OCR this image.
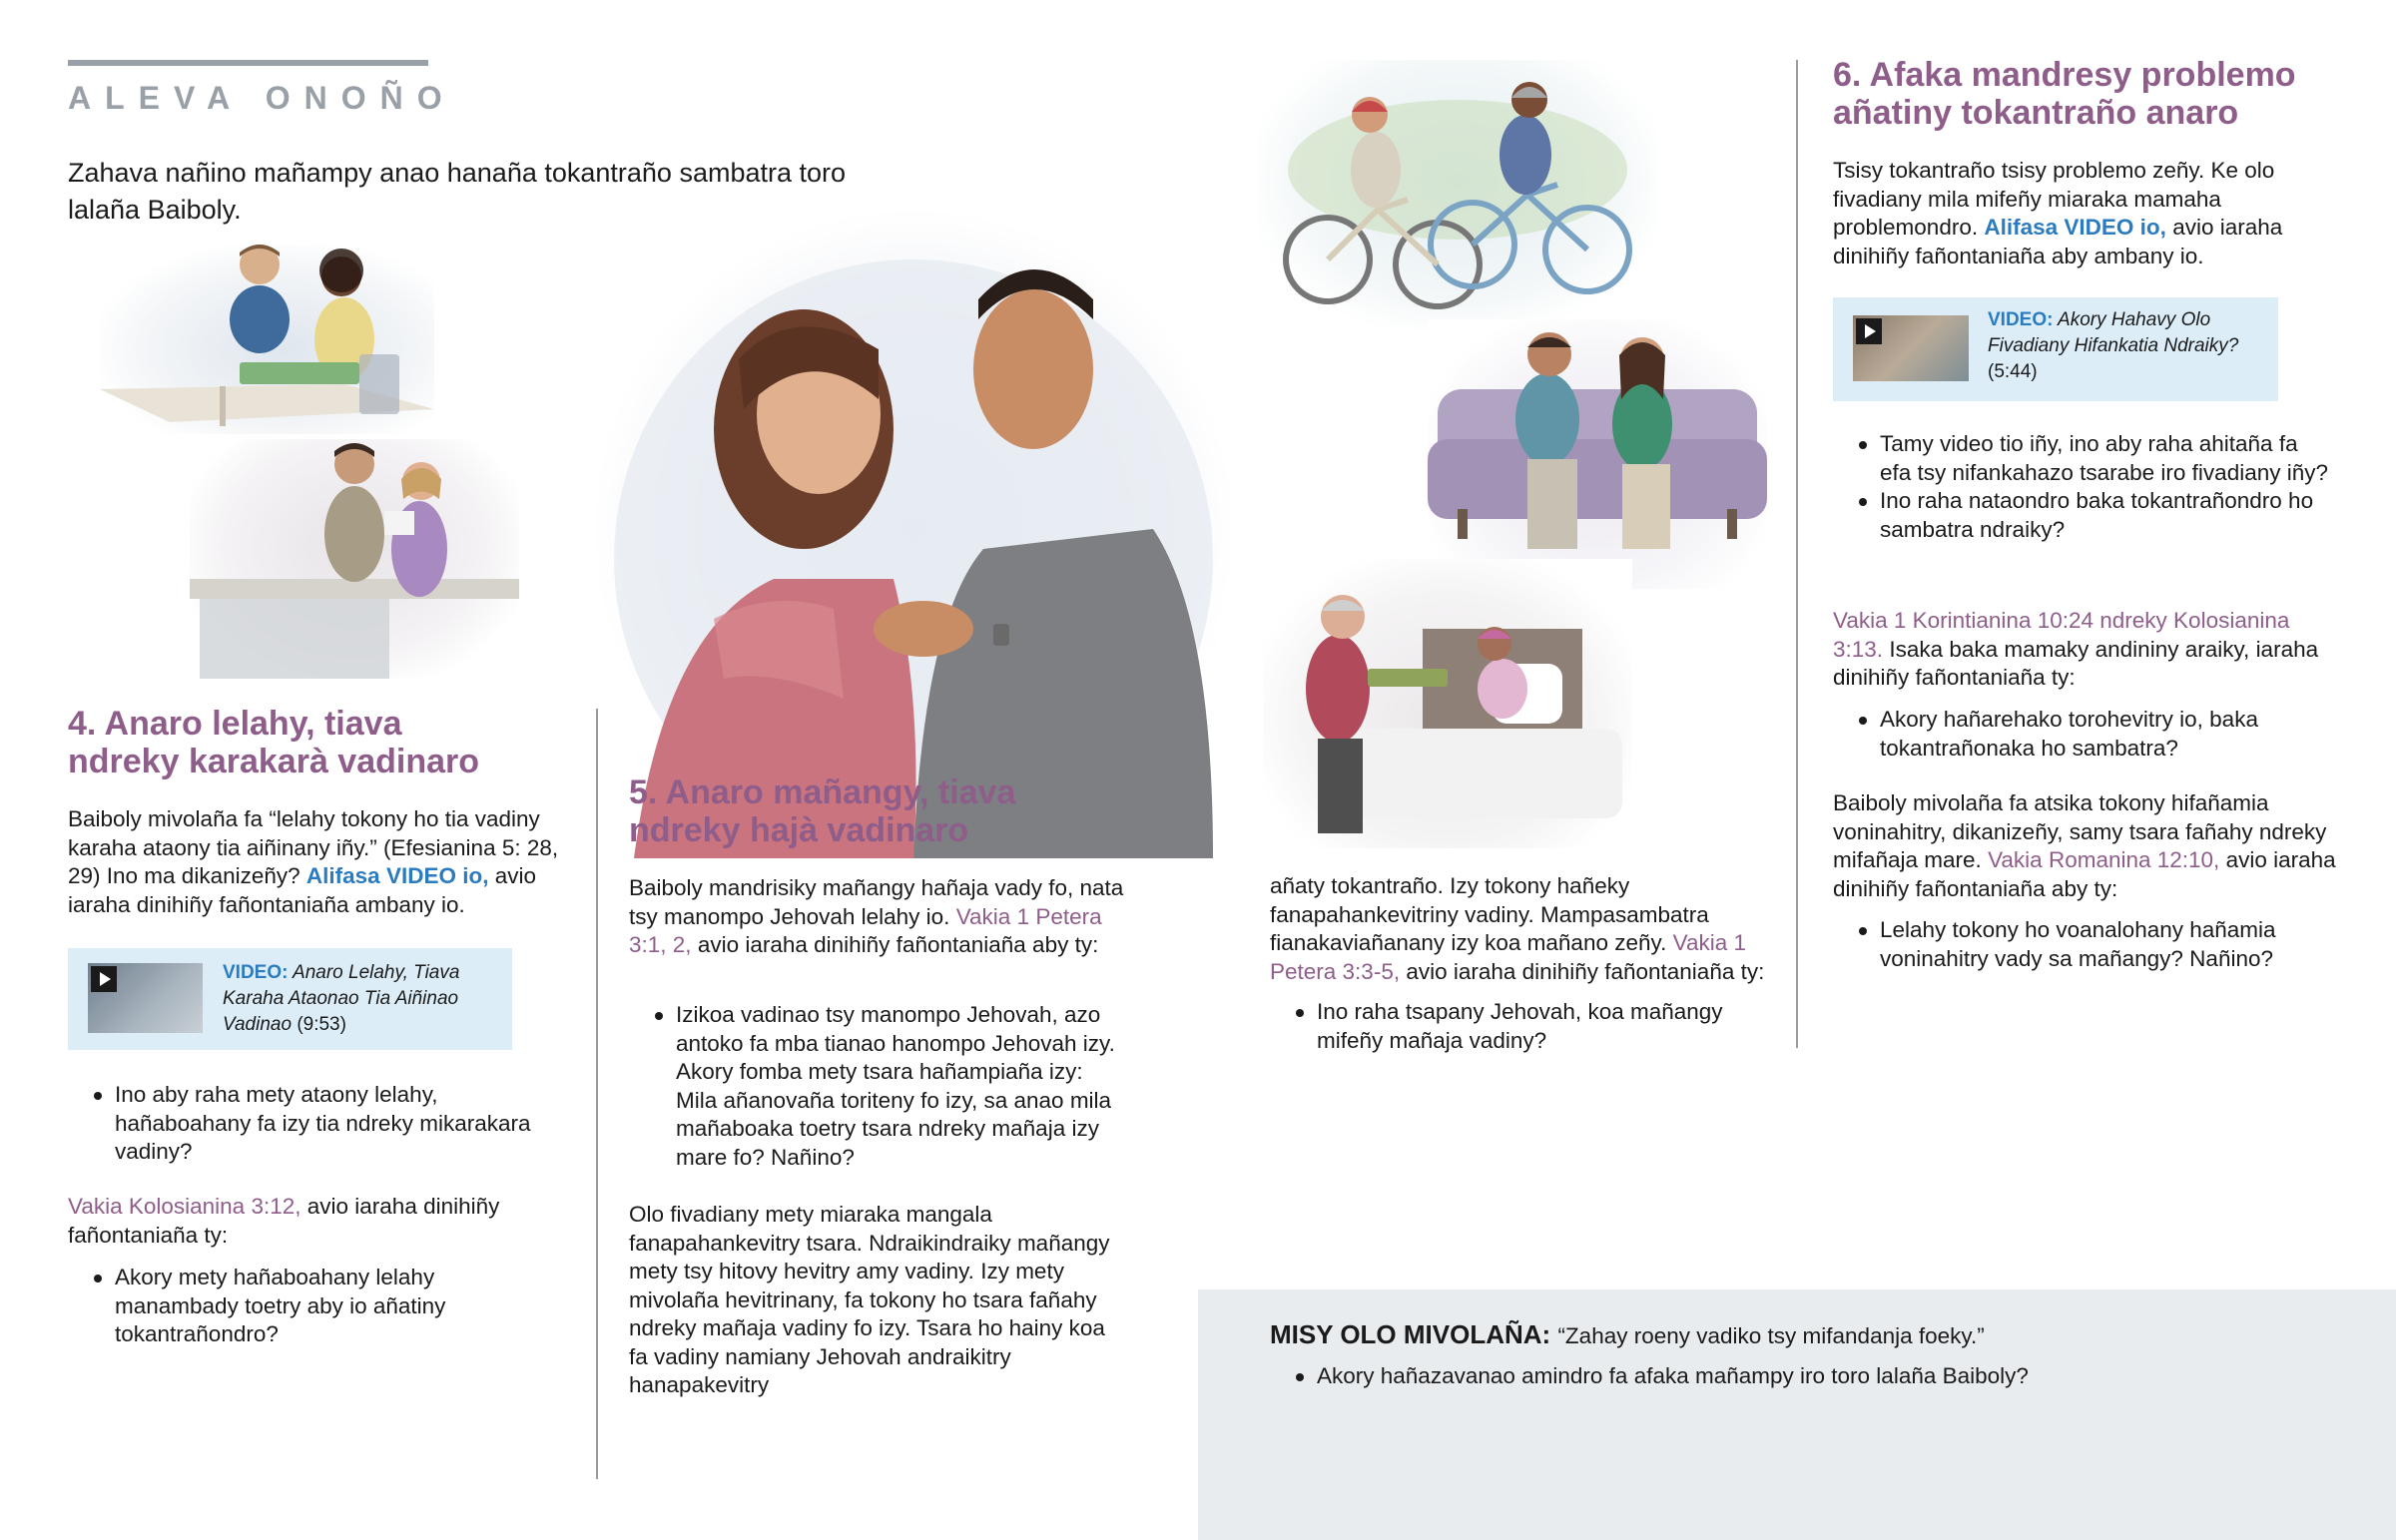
ALEVA ONOÑO
Zahava nañino mañampy anao hanaña tokantraño sambatra toro lalaña Baiboly.
4. Anaro lelahy, tiava
ndreky karakarà vadinaro
Baiboly mivolaña fa “lelahy tokony ho tia vadiny karaha ataony tia aiñinany iñy.” (Efesianina 5: 28, 29) Ino ma dikanizeñy? Alifasa VIDEO io, avio iaraha dinihiñy fañontaniaña ambany io.
VIDEO: Anaro Lelahy, Tiava Karaha Ataonao Tia Aiñinao Vadinao (9:53)
Ino aby raha mety ataony lelahy, hañaboahany fa izy tia ndreky mikarakara vadiny?
Vakia Kolosianina 3:12, avio iaraha dinihiñy fañontaniaña ty:
Akory mety hañaboahany lelahy manambady toetry aby io añatiny tokantrañondro?
5. Anaro mañangy, tiava
ndreky hajà vadinaro
Baiboly mandrisiky mañangy hañaja vady fo, nata tsy manompo Jehovah lelahy io. Vakia 1 Petera 3:1, 2, avio iaraha dinihiñy fañontaniaña aby ty:
Izikoa vadinao tsy manompo Jehovah, azo antoko fa mba tianao hanompo Jehovah izy. Akory fomba mety tsara hañampiaña izy: Mila añanovaña toriteny fo izy, sa anao mila mañaboaka toetry tsara ndreky mañaja izy mare fo? Nañino?
Olo fivadiany mety miaraka mangala fanapahankevitry tsara. Ndraikindraiky mañangy mety tsy hitovy hevitry amy vadiny. Izy mety mivolaña hevitrinany, fa tokony ho tsara fañahy ndreky mañaja vadiny fo izy. Tsara ho hainy koa fa vadiny namiany Jehovah andraikitry hanapakevitry
añaty tokantraño. Izy tokony hañeky fanapahankevitriny vadiny. Mampasambatra fianakaviañanany izy koa mañano zeñy. Vakia 1 Petera 3:3-5, avio iaraha dinihiñy fañontaniaña ty:
Ino raha tsapany Jehovah, koa mañangy mifeñy mañaja vadiny?
6. Afaka mandresy problemo
añatiny tokantraño anaro
Tsisy tokantraño tsisy problemo zeñy. Ke olo fivadiany mila mifeñy miaraka mamaha problemondro. Alifasa VIDEO io, avio iaraha dinihiñy fañontaniaña aby ambany io.
VIDEO: Akory Hahavy Olo Fivadiany Hifankatia Ndraiky? (5:44)
Tamy video tio iñy, ino aby raha ahitaña fa efa tsy nifankahazo tsarabe iro fivadiany iñy?
Ino raha nataondro baka tokantrañondro ho sambatra ndraiky?
Vakia 1 Korintianina 10:24 ndreky Kolosianina 3:13. Isaka baka mamaky andininy araiky, iaraha dinihiñy fañontaniaña ty:
Akory hañarehako torohevitry io, baka tokantrañonaka ho sambatra?
Baiboly mivolaña fa atsika tokony hifañamia voninahitry, dikanizeñy, samy tsara fañahy ndreky mifañaja mare. Vakia Romanina 12:10, avio iaraha dinihiñy fañontaniaña aby ty:
Lelahy tokony ho voanalohany hañamia voninahitry vady sa mañangy? Nañino?
MISY OLO MIVOLAÑA: “Zahay roeny vadiko tsy mifandanja foeky.”
Akory hañazavanao amindro fa afaka mañampy iro toro lalaña Baiboly?
